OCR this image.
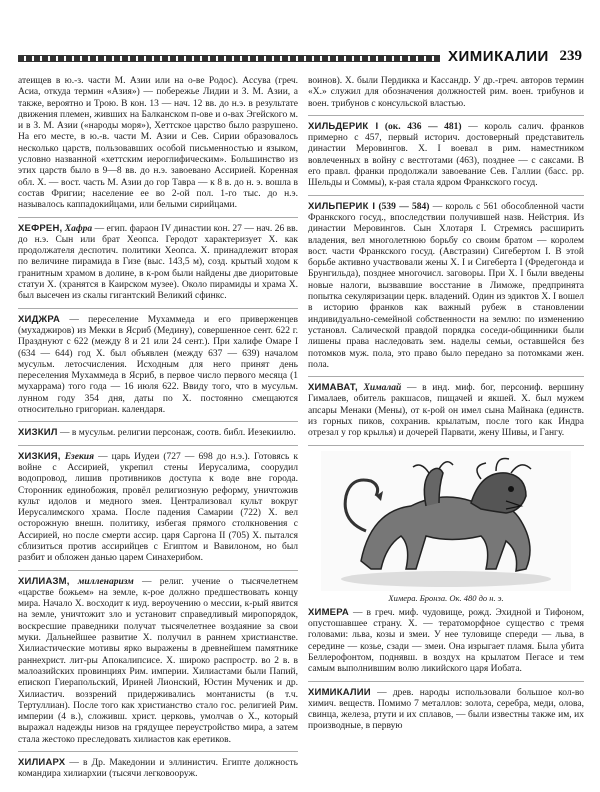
ХИМИКАЛИИ 239

атеищев в ю.-з. части М. Азии или на о-ве Родос). Ассува (греч. Асиа, откуда термин «Азия») — побережье Лидии и З. М. Азии, а также, вероятно и Трою. В кон. 13 — нач. 12 вв. до н.э. в результате движения племен, живших на Балканском п-ове и о-вах Эгейского м. и в З. М. Азии («народы моря»), Хеттское царство было разрушено. На его месте, в ю.-в. части М. Азии и Сев. Сирии образовалось несколько царств, пользовавших особой письменностью и языком, условно названной «хеттским иероглифическим». Большинство из этих царств было в 9—8 вв. до н.э. завоевано Ассирией. Коренная обл. Х. — вост. часть М. Азии до гор Тавра — к 8 в. до н. э. вошла в состав Фригии; население ее во 2-ой пол. 1-го тыс. до н.э. называлось каппадокийцами, или белыми сирийцами.

ХЕФРЕН, Хафра — егип. фараон IV династии кон. 27 — нач. 26 вв. до н.э. Сын или брат Хеопса. Геродот характеризует Х. как продолжателя деспотич. политики Хеопса. Х. принадлежит вторая по величине пирамида в Гизе (выс. 143,5 м), созд. крытый ходом к гранитным храмом в долине, в к-ром были найдены две диоритовые статуи Х. (хранятся в Каирском музее). Около пирамиды и храма Х. был высечен из скалы гигантский Великий сфинкс.

ХИДЖРА — переселение Мухаммеда и его приверженцев (мухаджиров) из Мекки в Ясриб (Медину), совершенное сент. 622 г. Празднуют с 622 (между 8 и 21 или 24 сент.). При халифе Омаре I (634 — 644) год Х. был объявлен (между 637 — 639) началом мусульм. летосчисления. Исходным для него принят день переселения Мухаммеда в Ясриб, в первое число первого месяца (1 мухаррама) того года — 16 июля 622. Ввиду того, что в мусульм. лунном году 354 дня, даты по Х. постоянно смещаются относительно григориан. календаря.

ХИЗКИЛ — в мусульм. религии персонаж, соотв. библ. Иезекиилю.

ХИЗКИЯ, Езекия — царь Иудеи (727 — 698 до н.э.). Готовясь к войне с Ассирией, укрепил стены Иерусалима, соорудил водопровод, лишив противников доступа к воде вне города. Сторонник единобожия, провёл религиозную реформу, уничтожив культ идолов и медного змея. Централизовал культ вокруг Иерусалимского храма. После падения Самарии (722) Х. вел осторожную внешн. политику, избегая прямого столкновения с Ассирией, но после смерти ассир. царя Саргона II (705) Х. пытался сблизиться против ассирийцев с Египтом и Вавилоном, но был разбит и обложен данью царем Синахерибом.

ХИЛИАЗМ, милленаризм — религ. учение о тысячелетнем «царстве божьем» на земле, к-рое должно предшествовать концу мира. Начало Х. восходит к иуд. вероучению о мессии, к-рый явится на земле, уничтожит зло и установит справедливый миропорядок, воскресшие праведники получат тысячелетнее воздаяние за свои муки. Дальнейшее развитие Х. получил в раннем христианстве. Хилиастические мотивы ярко выражены в древнейшем памятнике раннехрист. лит-ры Апокалипсисе. Х. широко распростр. во 2 в. в малоазийских провинциях Рим. империи. Хилиастами были Папий, епископ Гиерапольский, Ириней Лионский, Юстин Мученик и др. Хилиастич. воззрений придерживались монтанисты (в т.ч. Тертуллиан). После того как христианство стало гос. религией Рим. империи (4 в.), сложивш. христ. церковь, умолчав о Х., который выражал надежды низов на грядущее переустройство мира, а затем стала жестоко преследовать хилиастов как еретиков.

ХИЛИАРХ — в Др. Македонии и эллинистич. Египте должность командира хилиархии (тысячи легковооруж.

воинов). Х. были Пердикка и Кассандр. У др.-греч. авторов термин «Х.» служил для обозначения должностей рим. воен. трибунов и воен. трибунов с консульской властью.

ХИЛЬДЕРИК I (ок. 436 — 481) — король салич. франков примерно с 457, первый историч. достоверный представитель династии Меровингов. Х. I воевал в рим. наместником вовлеченных в войну с вестготами (463), позднее — с саксами. В его правл. франки продолжали завоевание Сев. Галлии (басс. рр. Шельды и Соммы), к-рая стала ядром Франкского госуд.

ХИЛЬПЕРИК I (539 — 584) — король с 561 обособленной части Франкского госуд., впоследствии получившей назв. Нейстрия. Из династии Меровингов. Сын Хлотаря I. Стремясь расширить владения, вел многолетнюю борьбу со своим братом — королем вост. части Франкского госуд. (Австразии) Сигебертом I. В этой борьбе активно участвовали жены Х. I и Сигеберта I (Фредегонда и Брунгильда), позднее многочисл. заговоры. При Х. I были введены новые налоги, вызвавшие восстание в Лиможе, предпринята попытка секуляризации церк. владений. Один из эдиктов Х. I вошел в историю франков как важный рубеж в становлении индивидуально-семейной собственности на землю: по изменению установл. Салической правдой порядка соседи-общинники были лишены права наследовать зем. наделы семьи, оставшейся без потомков муж. пола, это право было передано за потомками жен. пола.

ХИМАВАТ, Хималай — в инд. миф. бог, персониф. вершину Гималаев, обитель ракшасов, пищачей и якшей. Х. был мужем апсары Менаки (Мены), от к-рой он имел сына Майнака (единств. из горных пиков, сохранив. крылатым, после того как Индра отрезал у гор крылья) и дочерей Парвати, жену Шивы, и Гангу.

Химера. Бронза. Ок. 480 до н. э.

ХИМЕРА — в греч. миф. чудовище, рожд. Эхидной и Тифоном, опустошавшее страну. Х. — тератоморфное существо с тремя головами: льва, козы и змеи. У нее туловище спереди — льва, в середине — козье, сзади — змеи. Она изрыгает пламя. Была убита Беллерофонтом, поднявш. в воздух на крылатом Пегасе и тем самым выполнившим волю ликийского царя Иобата.

ХИМИКАЛИИ — древ. народы использовали большое кол-во химич. веществ. Помимо 7 металлов: золота, серебра, меди, олова, свинца, железа, ртути и их сплавов, — были известны также им, их производные, в первую
